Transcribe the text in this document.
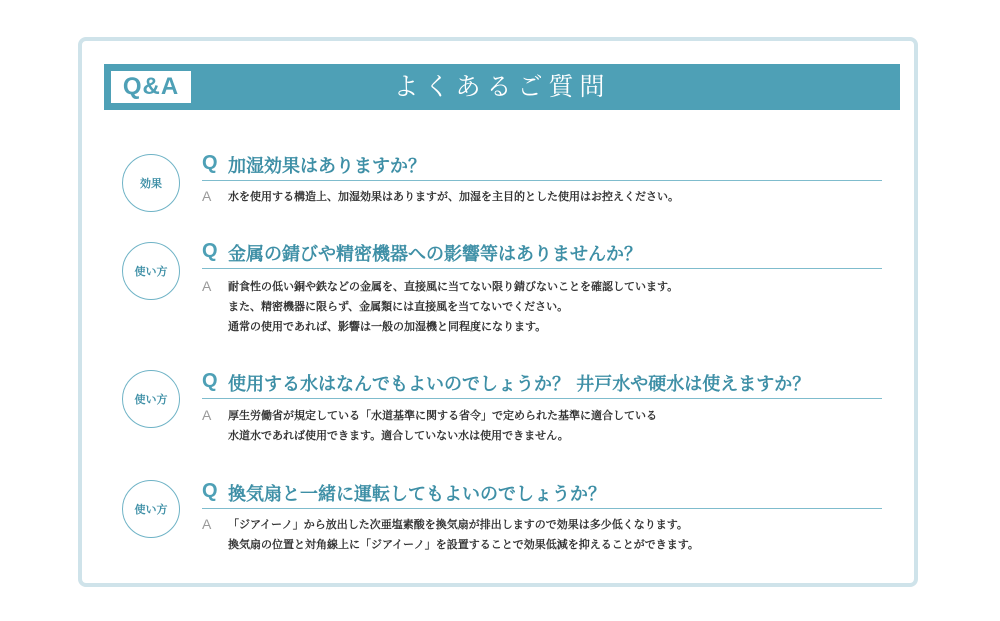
Q&A	よくあるご質問
効果
Q 加湿効果はありますか？
A 水を使用する構造上、加湿効果はありますが、加湿を主目的とした使用はお控えください。
使い方
Q 金属の錆びや精密機器への影響等はありませんか？
A 耐食性の低い銅や鉄などの金属を、直接風に当てない限り錆びないことを確認しています。
また、精密機器に限らず、金属類には直接風を当てないでください。
通常の使用であれば、影響は一般の加湿機と同程度になります。
使い方
Q 使用する水はなんでもよいのでしょうか？ 井戸水や硬水は使えますか？
A 厚生労働省が規定している「水道基準に関する省令」で定められた基準に適合している
水道水であれば使用できます。適合していない水は使用できません。
使い方
Q 換気扇と一緒に運転してもよいのでしょうか？
A 「ジアイーノ」から放出した次亜塩素酸を換気扇が排出しますので効果は多少低くなります。
換気扇の位置と対角線上に「ジアイーノ」を設置することで効果低減を抑えることができます。
